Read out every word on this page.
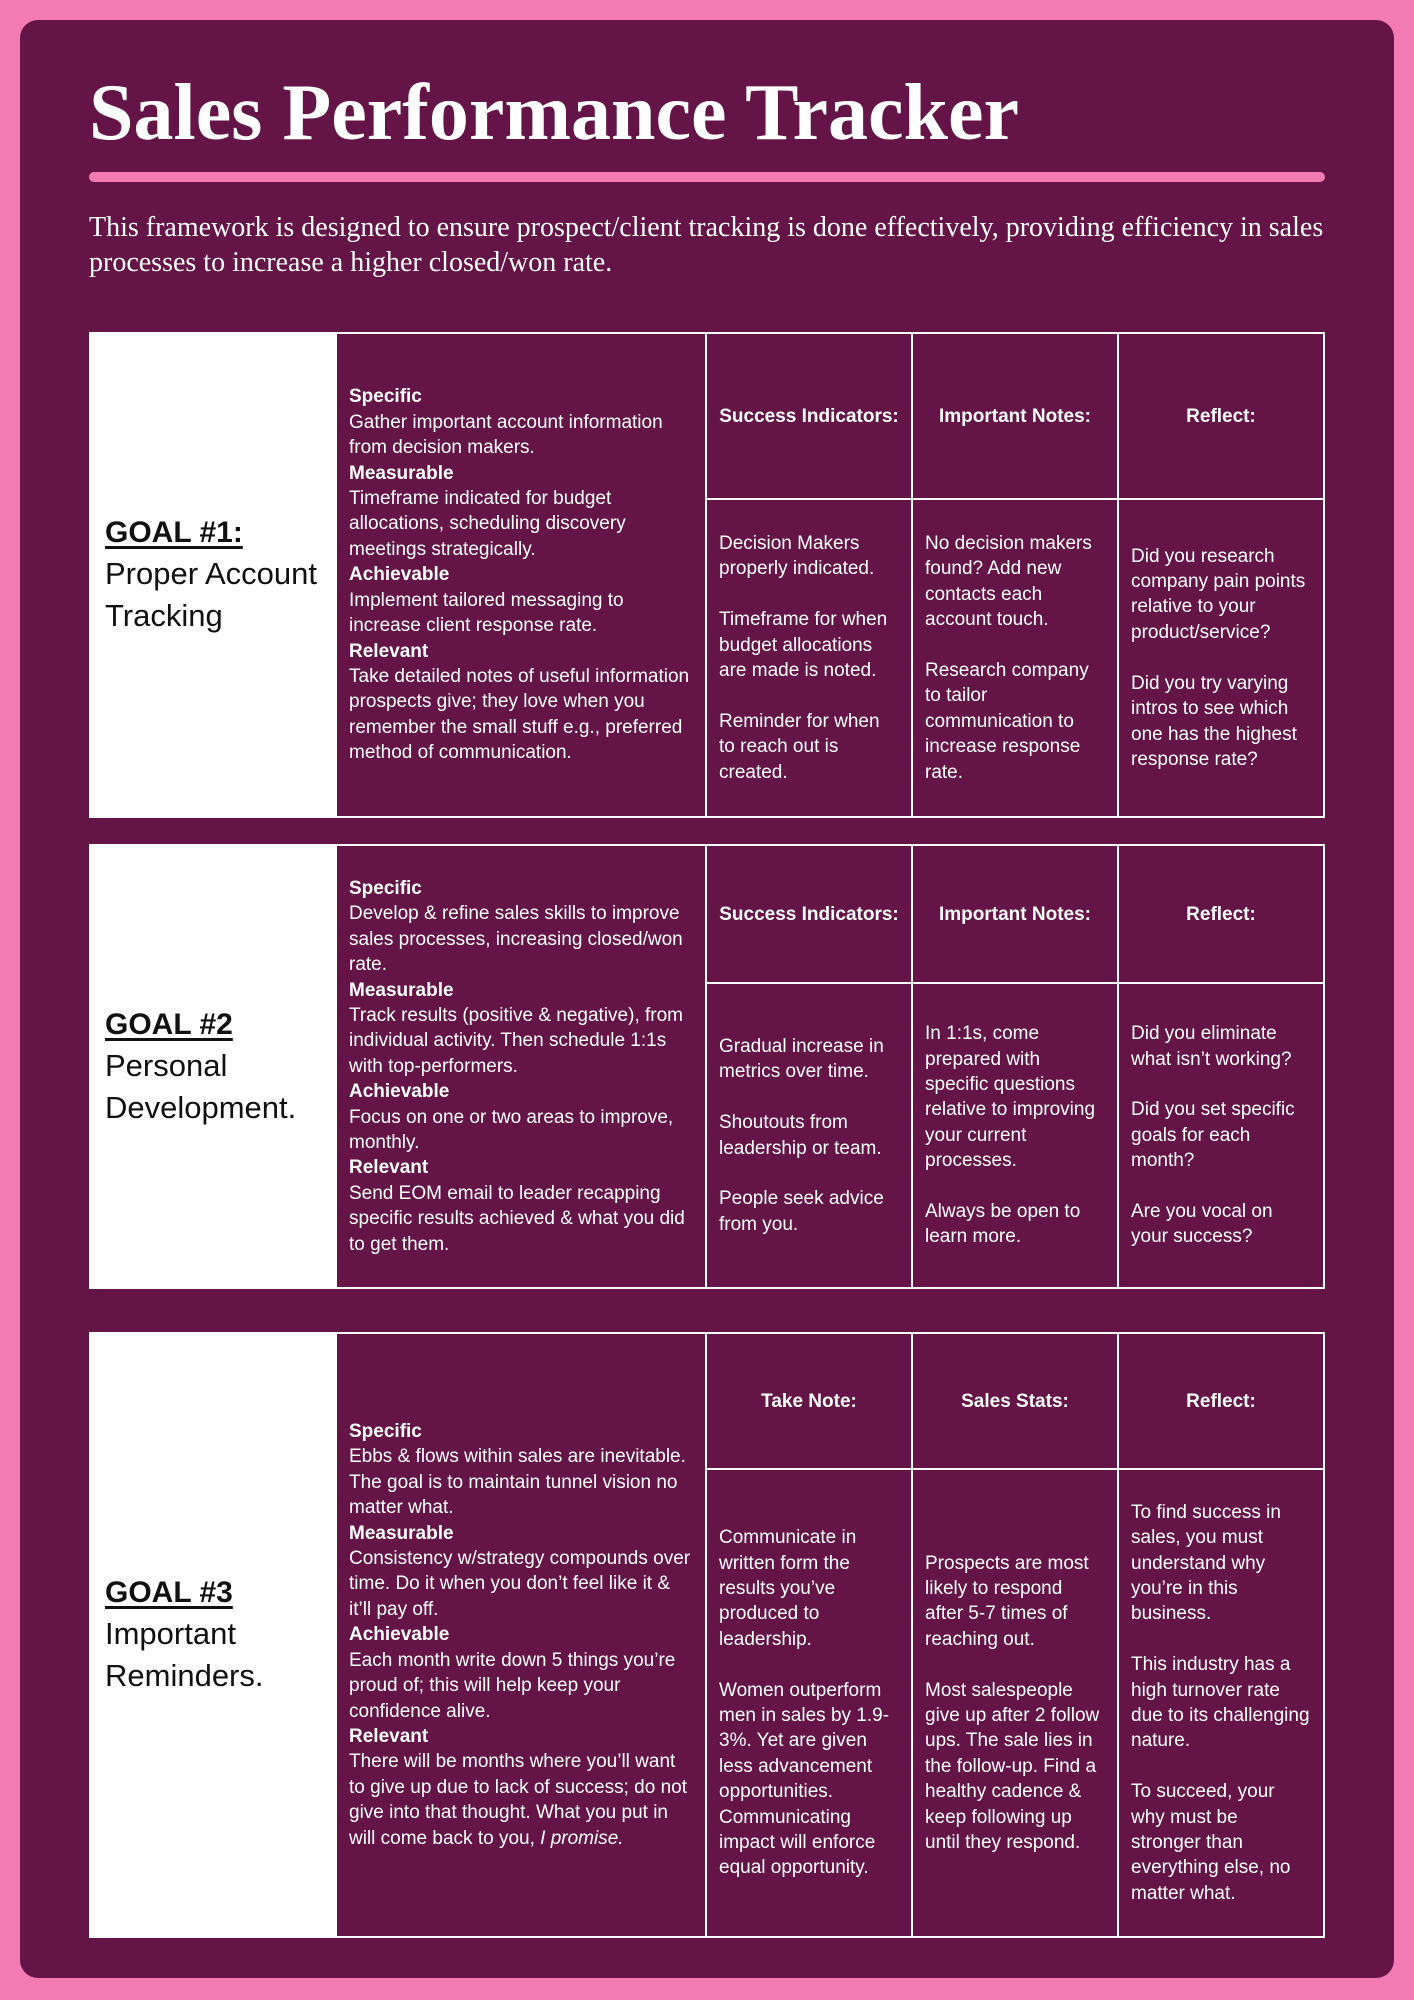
Sales Performance Tracker
This framework is designed to ensure prospect/client tracking is done effectively, providing efficiency in sales processes to increase a higher closed/won rate.
GOAL #1:
Proper Account Tracking
Specific
Gather important account information from decision makers.
Measurable
Timeframe indicated for budget allocations, scheduling discovery meetings strategically.
Achievable
Implement tailored messaging to increase client response rate.
Relevant
Take detailed notes of useful information prospects give; they love when you remember the small stuff e.g., preferred method of communication.
Success Indicators:

Decision Makers properly indicated.

Timeframe for when budget allocations are made is noted.

Reminder for when to reach out is created.

Important Notes:

No decision makers found? Add new contacts each account touch.

Research company to tailor communication to increase response rate.

Reflect:

Did you research company pain points relative to your product/service?

Did you try varying intros to see which one has the highest response rate?

GOAL #2
Personal Development.
Specific
Develop & refine sales skills to improve sales processes, increasing closed/won rate.
Measurable
Track results (positive & negative), from individual activity. Then schedule 1:1s with top-performers.
Achievable
Focus on one or two areas to improve, monthly.
Relevant
Send EOM email to leader recapping specific results achieved & what you did to get them.
Success Indicators:

Gradual increase in metrics over time.

Shoutouts from leadership or team.

People seek advice from you.

Important Notes:

In 1:1s, come prepared with specific questions relative to improving your current processes.

Always be open to learn more.

Reflect:

Did you eliminate what isn’t working?

Did you set specific goals for each month?

Are you vocal on your success?

GOAL #3
Important Reminders.
Specific
Ebbs & flows within sales are inevitable. The goal is to maintain tunnel vision no matter what.
Measurable
Consistency w/strategy compounds over time. Do it when you don’t feel like it & it’ll pay off.
Achievable
Each month write down 5 things you’re proud of; this will help keep your confidence alive.
Relevant
There will be months where you’ll want to give up due to lack of success; do not give into that thought. What you put in will come back to you, I promise.
Take Note:

Communicate in written form the results you’ve produced to leadership.

Women outperform men in sales by 1.9-3%. Yet are given less advancement opportunities. Communicating impact will enforce equal opportunity.

Sales Stats:

Prospects are most likely to respond after 5-7 times of reaching out.

Most salespeople give up after 2 follow ups. The sale lies in the follow-up. Find a healthy cadence & keep following up until they respond.

Reflect:

To find success in sales, you must understand why you’re in this business.

This industry has a high turnover rate due to its challenging nature.

To succeed, your why must be stronger than everything else, no matter what.
